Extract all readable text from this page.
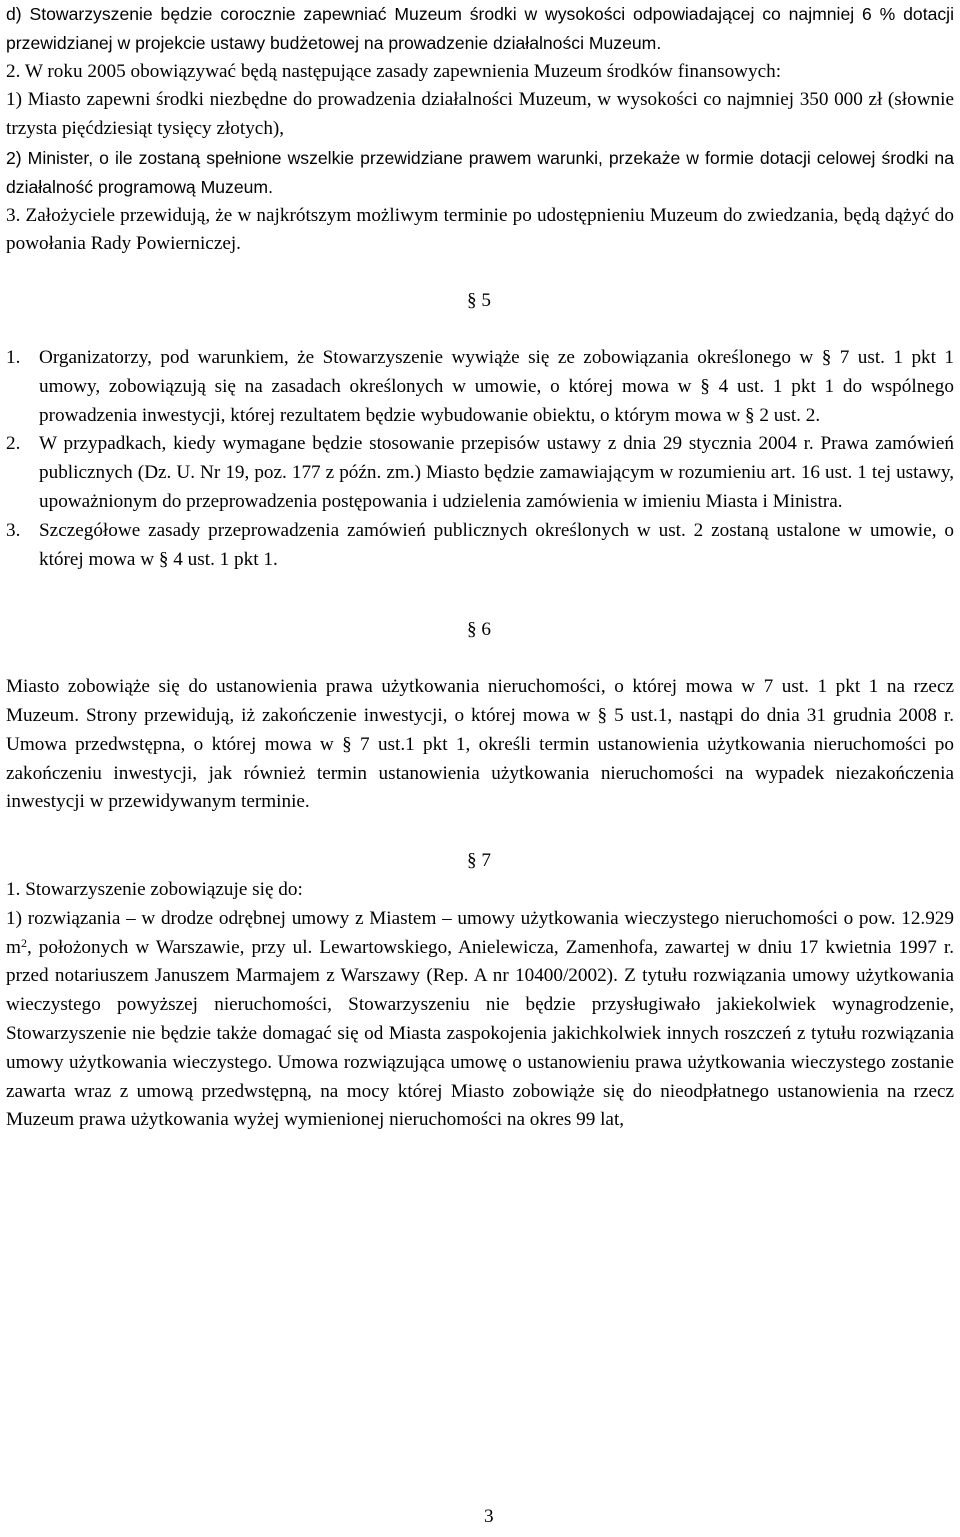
d) Stowarzyszenie będzie corocznie zapewniać Muzeum środki w wysokości odpowiadającej co najmniej 6 % dotacji przewidzianej w projekcie ustawy budżetowej na prowadzenie działalności Muzeum.

2. W roku 2005 obowiązywać będą następujące zasady zapewnienia Muzeum środków finansowych:

1) Miasto zapewni środki niezbędne do prowadzenia działalności Muzeum, w wysokości co najmniej 350 000 zł (słownie trzysta pięćdziesiąt tysięcy złotych),

2) Minister, o ile zostaną spełnione wszelkie przewidziane prawem warunki, przekaże w formie dotacji celowej środki na działalność programową Muzeum.

3. Założyciele przewidują, że w najkrótszym możliwym terminie po udostępnieniu Muzeum do zwiedzania, będą dążyć do powołania Rady Powierniczej.

§ 5

1. Organizatorzy, pod warunkiem, że Stowarzyszenie wywiąże się ze zobowiązania określonego w § 7 ust. 1 pkt 1 umowy, zobowiązują się na zasadach określonych w umowie, o której mowa w § 4 ust. 1 pkt 1 do wspólnego prowadzenia inwestycji, której rezultatem będzie wybudowanie obiektu, o którym mowa w § 2 ust. 2.
2. W przypadkach, kiedy wymagane będzie stosowanie przepisów ustawy z dnia 29 stycznia 2004 r. Prawa zamówień publicznych (Dz. U. Nr 19, poz. 177 z późn. zm.) Miasto będzie zamawiającym w rozumieniu art. 16 ust. 1 tej ustawy, upoważnionym do przeprowadzenia postępowania i udzielenia zamówienia w imieniu Miasta i Ministra.
3. Szczegółowe zasady przeprowadzenia zamówień publicznych określonych w ust. 2 zostaną ustalone w umowie, o której mowa w § 4 ust. 1 pkt 1.

§ 6

Miasto zobowiąże się do ustanowienia prawa użytkowania nieruchomości, o której mowa w 7 ust. 1 pkt 1 na rzecz Muzeum. Strony przewidują, iż zakończenie inwestycji, o której mowa w § 5 ust.1, nastąpi do dnia 31 grudnia 2008 r. Umowa przedwstępna, o której mowa w § 7 ust.1 pkt 1, określi termin ustanowienia użytkowania nieruchomości po zakończeniu inwestycji, jak również termin ustanowienia użytkowania nieruchomości na wypadek niezakończenia inwestycji w przewidywanym terminie.

§ 7

1. Stowarzyszenie zobowiązuje się do:

1) rozwiązania – w drodze odrębnej umowy z Miastem – umowy użytkowania wieczystego nieruchomości o pow. 12.929 $m^2$, położonych w Warszawie, przy ul. Lewartowskiego, Anielewicza, Zamenhofa, zawartej w dniu 17 kwietnia 1997 r. przed notariuszem Januszem Marmajem z Warszawy (Rep. A nr 10400/2002). Z tytułu rozwiązania umowy użytkowania wieczystego powyższej nieruchomości, Stowarzyszeniu nie będzie przysługiwało jakiekolwiek wynagrodzenie, Stowarzyszenie nie będzie także domagać się od Miasta zaspokojenia jakichkolwiek innych roszczeń z tytułu rozwiązania umowy użytkowania wieczystego. Umowa rozwiązująca umowę o ustanowieniu prawa użytkowania wieczystego zostanie zawarta wraz z umową przedwstępną, na mocy której Miasto zobowiąże się do nieodpłatnego ustanowienia na rzecz Muzeum prawa użytkowania wyżej wymienionej nieruchomości na okres 99 lat,

3
